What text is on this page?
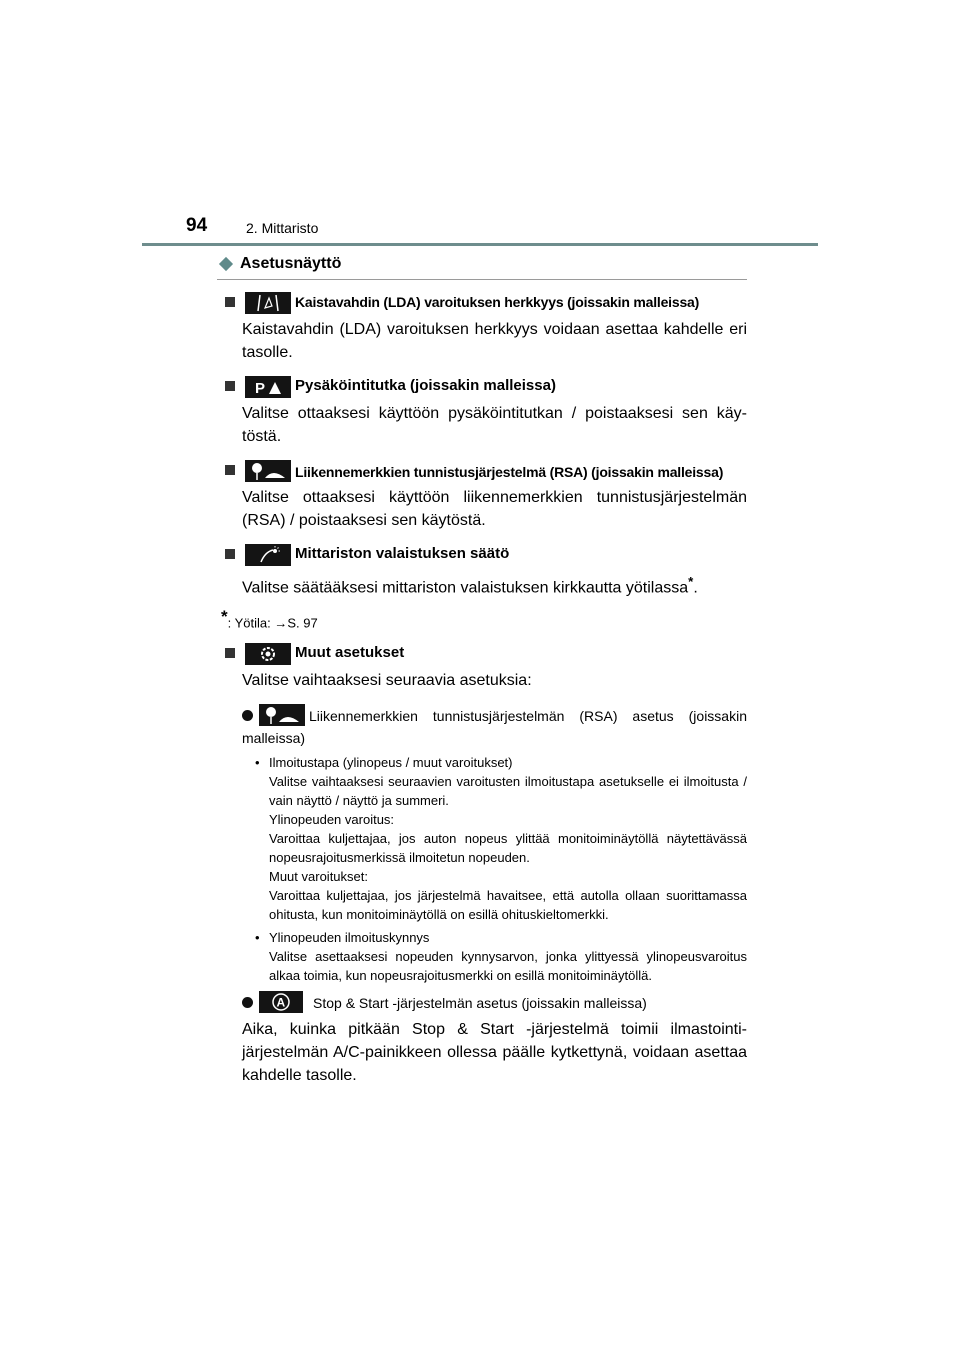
94	2. Mittaristo
Asetusnäyttö
Kaistavahdin (LDA) varoituksen herkkyys (joissakin malleissa)
Kaistavahdin (LDA) varoituksen herkkyys voidaan asettaa kahdelle eri tasolle.
P Pysäköintitutka (joissakin malleissa)
Valitse ottaaksesi käyttöön pysäköintitutkan / poistaaksesi sen käytöstä.
Liikennemerkkien tunnistusjärjestelmä (RSA) (joissakin malleissa)
Valitse ottaaksesi käyttöön liikennemerkkien tunnistusjärjestelmän (RSA) / poistaaksesi sen käytöstä.
Mittariston valaistuksen säätö
Valitse säätääksesi mittariston valaistuksen kirkkautta yötilassa*.
*: Yötila: →S. 97
Muut asetukset
Valitse vaihtaaksesi seuraavia asetuksia:
Liikennemerkkien tunnistusjärjestelmän (RSA) asetus (joissakin malleissa)
• Ilmoitustapa (ylinopeus / muut varoitukset)
Valitse vaihtaaksesi seuraavien varoitusten ilmoitustapa asetukselle ei ilmoitusta / vain näyttö / näyttö ja summeri.
Ylinopeuden varoitus:
Varoittaa kuljettajaa, jos auton nopeus ylittää monitoiminäytöllä näytettävässä nopeusrajoitusmerkissä ilmoitetun nopeuden.
Muut varoitukset:
Varoittaa kuljettajaa, jos järjestelmä havaitsee, että autolla ollaan suorittamassa ohitusta, kun monitoiminäytöllä on esillä ohituskieltomerkki.
• Ylinopeuden ilmoituskynnys
Valitse asettaaksesi nopeuden kynnysarvon, jonka ylittyessä ylinopeusvaroitus alkaa toimia, kun nopeusrajoitusmerkki on esillä monitoiminäytöllä.
A Stop & Start -järjestelmän asetus (joissakin malleissa)
Aika, kuinka pitkään Stop & Start -järjestelmä toimii ilmastointijärjestelmän A/C-painikkeen ollessa päälle kytkettynä, voidaan asettaa kahdelle tasolle.
